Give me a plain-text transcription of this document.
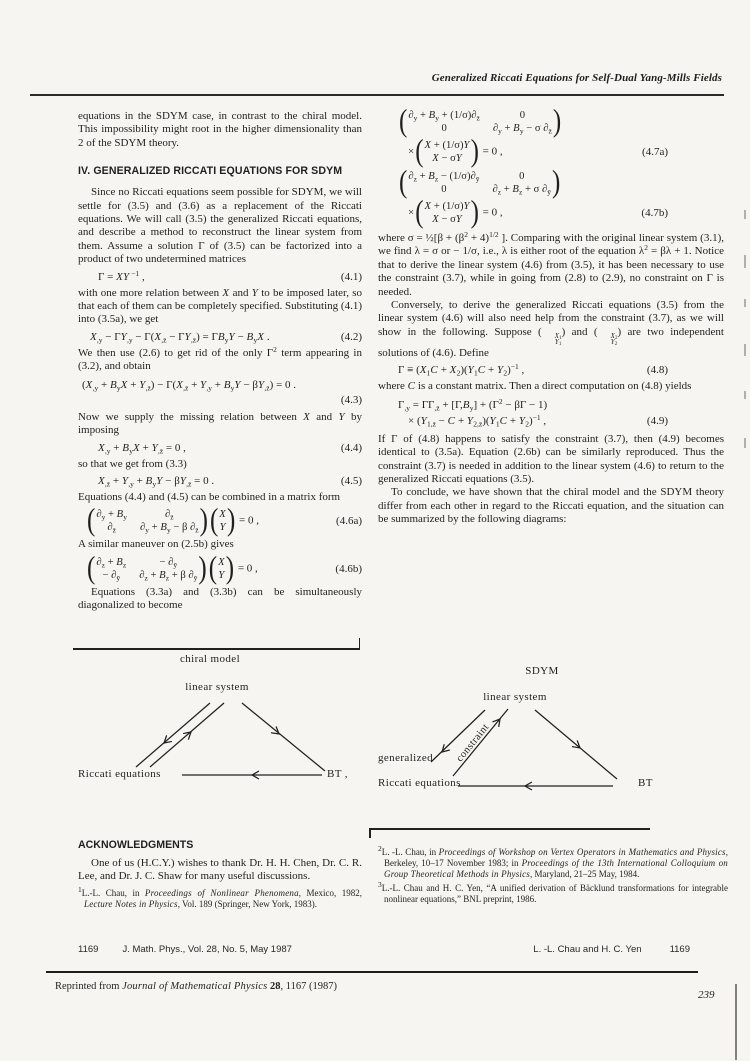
Generalized Riccati Equations for Self-Dual Yang-Mills Fields

equations in the SDYM case, in contrast to the chiral model. This impossibility might root in the higher dimensionality than 2 of the SDYM theory.

IV. GENERALIZED RICCATI EQUATIONS FOR SDYM

Since no Riccati equations seem possible for SDYM, we will settle for (3.5) and (3.6) as a replacement of the Riccati equations. We will call (3.5) the generalized Riccati equations, and describe a method to reconstruct the linear system from them. Assume a solution Γ of (3.5) can be factorized into a product of two undetermined matrices

Γ = XY $^{-1}$ ,	(4.1)

with one more relation between X and Y to be imposed later, so that each of them can be completely specified. Substituting (4.1) into (3.5a), we get

$X_{,y} - \Gamma Y_{,y} - \Gamma(X_{,z̄} - \Gamma Y_{,z̄}) = \Gamma B_yY - B_yX$ .	(4.2)

We then use (2.6) to get rid of the only $\Gamma^2$ term appearing in (3.2), and obtain

$(X_{,y} + B_yX + Y_{,z̄}) - \Gamma(X_{,z̄} + Y_{,y} + B_yY - \beta Y_{,z̄}) = 0$ .
(4.3)

Now we supply the missing relation between X and Y by imposing

$X_{,y} + B_yX + Y_{,z̄} = 0$ ,	(4.4)

so that we get from (3.3)

$X_{,z̄} + Y_{,y} + B_yY - \beta Y_{,z̄} = 0$ .	(4.5)

Equations (4.4) and (4.5) can be combined in a matrix form

( $\partial_y + B_y$	$\partial_{z̄}$
$\partial_{z̄}$	$\partial_y + B_y - \beta$ $\partial_{z̄}$ )( X
Y ) = 0 ,	(4.6a)

A similar maneuver on (2.5b) gives

( $\partial_z + B_z$	− $\partial_ȳ$
− $\partial_ȳ$	$\partial_z + B_z + \beta$ $\partial_ȳ$ )( X
Y ) = 0 ,	(4.6b)

Equations (3.3a) and (3.3b) can be simultaneously diagonalized to become

( $\partial_y + B_y + (1/\sigma)\partial_{z̄}$	0
0	$\partial_y + B_y - \sigma$ $\partial_{z̄}$ )
×( X + (1/σ)Y
X − σY ) = 0 ,	(4.7a)
( $\partial_z + B_z - (1/\sigma)\partial_ȳ$	0
0	$\partial_z + B_z + \sigma$ $\partial_ȳ$ )
×( X + (1/σ)Y
X − σY ) = 0 ,	(4.7b)

where σ = ½[β + $(\beta^2 + 4)^{1/2}$ ]. Comparing with the original linear system (3.1), we find λ = σ or − 1/σ, i.e., λ is either root of the equation $\lambda^2 = \beta\lambda + 1$. Notice that to derive the linear system (4.6) from (3.5), it has been necessary to use the constraint (3.7), while in going from (2.8) to (2.9), no constraint on Γ is needed.

Conversely, to derive the generalized Riccati equations (3.5) from the linear system (4.6) will also need help from the constraint (3.7), as we will show in the following. Suppose (	$X_1$
$Y_1$
) and (	$X_2$
$Y_2$
) are two independent solutions of (4.6). Define

$\Gamma \equiv (X_1C + X_2)(Y_1C + Y_2)^{-1}$ ,	(4.8)

where C is a constant matrix. Then a direct computation on (4.8) yields

$\Gamma_{,y} = \Gamma\Gamma_{,z̄} + [\Gamma,B_y] + (\Gamma^2 - \beta\Gamma - 1)$
× $(Y_{1,z̄} - C + Y_{2,z̄})(Y_1C + Y_2)^{-1}$ ,	(4.9)

If Γ of (4.8) happens to satisfy the constraint (3.7), then (4.9) becomes identical to (3.5a). Equation (2.6b) can be similarly reproduced. Thus the constraint (3.7) is needed in addition to the linear system (4.6) to return to the generalized Riccati equations (3.5).

To conclude, we have shown that the chiral model and the SDYM theory differ from each other in regard to the Riccati equation, and the situation can be summarized by the following diagrams:

chiral model
linear system
Riccati equations	BT ,
SDYM
linear system
constraint
generalized
Riccati equations	BT
ACKNOWLEDGMENTS

One of us (H.C.Y.) wishes to thank Dr. H. H. Chen, Dr. C. R. Lee, and Dr. J. C. Shaw for many useful discussions.

$^1$L.-L. Chau, in Proceedings of Nonlinear Phenomena, Mexico, 1982, Lecture Notes in Physics, Vol. 189 (Springer, New York, 1983).
$^2$L. -L. Chau, in Proceedings of Workshop on Vertex Operators in Mathematics and Physics, Berkeley, 10–17 November 1983; in Proceedings of the 13th International Colloquium on Group Theoretical Methods in Physics, Maryland, 21–25 May, 1984.
$^3$L.-L. Chau and H. C. Yen, “A unified derivation of Bäcklund transformations for integrable nonlinear equations,” BNL preprint, 1986.
1169	J. Math. Phys., Vol. 28, No. 5, May 1987	L. -L. Chau and H. C. Yen	1169
Reprinted from Journal of Mathematical Physics 28, 1167 (1987)
239
